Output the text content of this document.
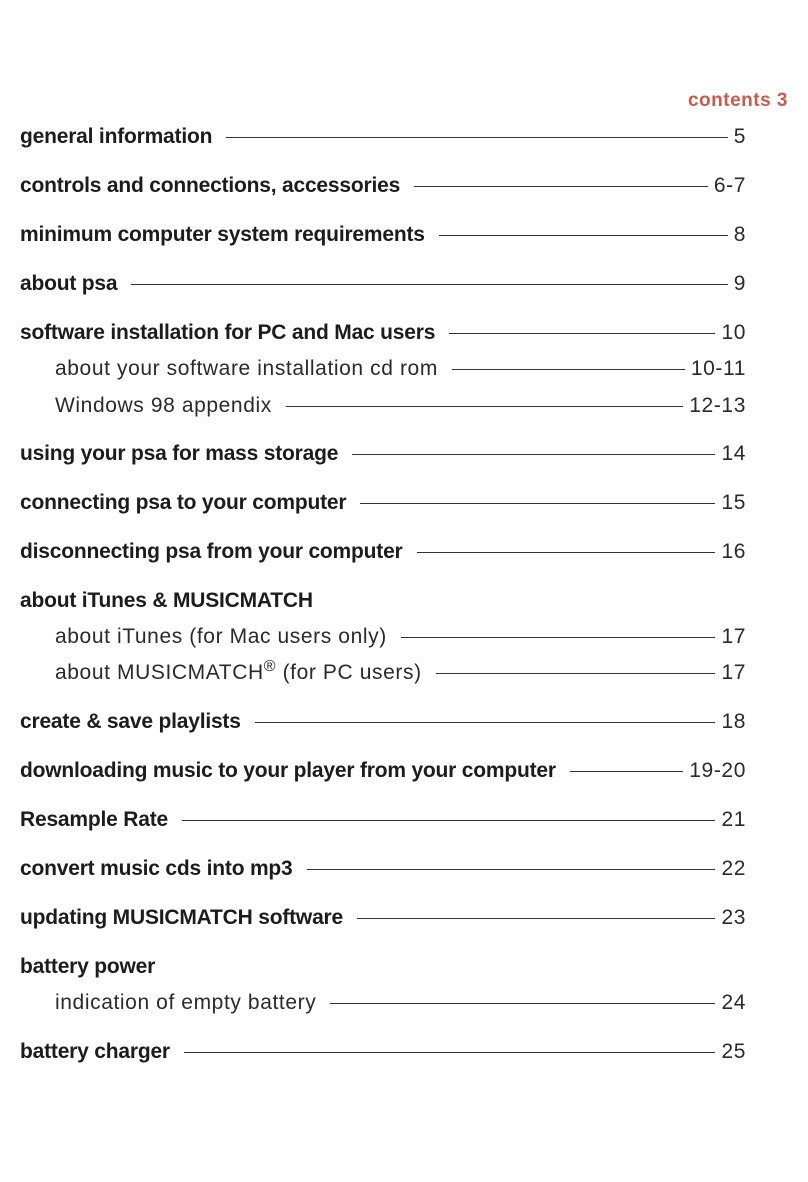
contents 3
general information	5
controls and connections, accessories	6-7
minimum computer system requirements	8
about psa	9
software installation for PC and Mac users	10
about your software installation cd rom	10-11
Windows 98 appendix	12-13
using your psa for mass storage	14
connecting psa to your computer	15
disconnecting psa from your computer	16
about iTunes & MUSICMATCH
about iTunes (for Mac users only)	17
about MUSICMATCH® (for PC users)	17
create & save playlists	18
downloading music to your player from your computer	19-20
Resample Rate	21
convert music cds into mp3	22
updating MUSICMATCH software	23
battery power
indication of empty battery	24
battery charger	25
